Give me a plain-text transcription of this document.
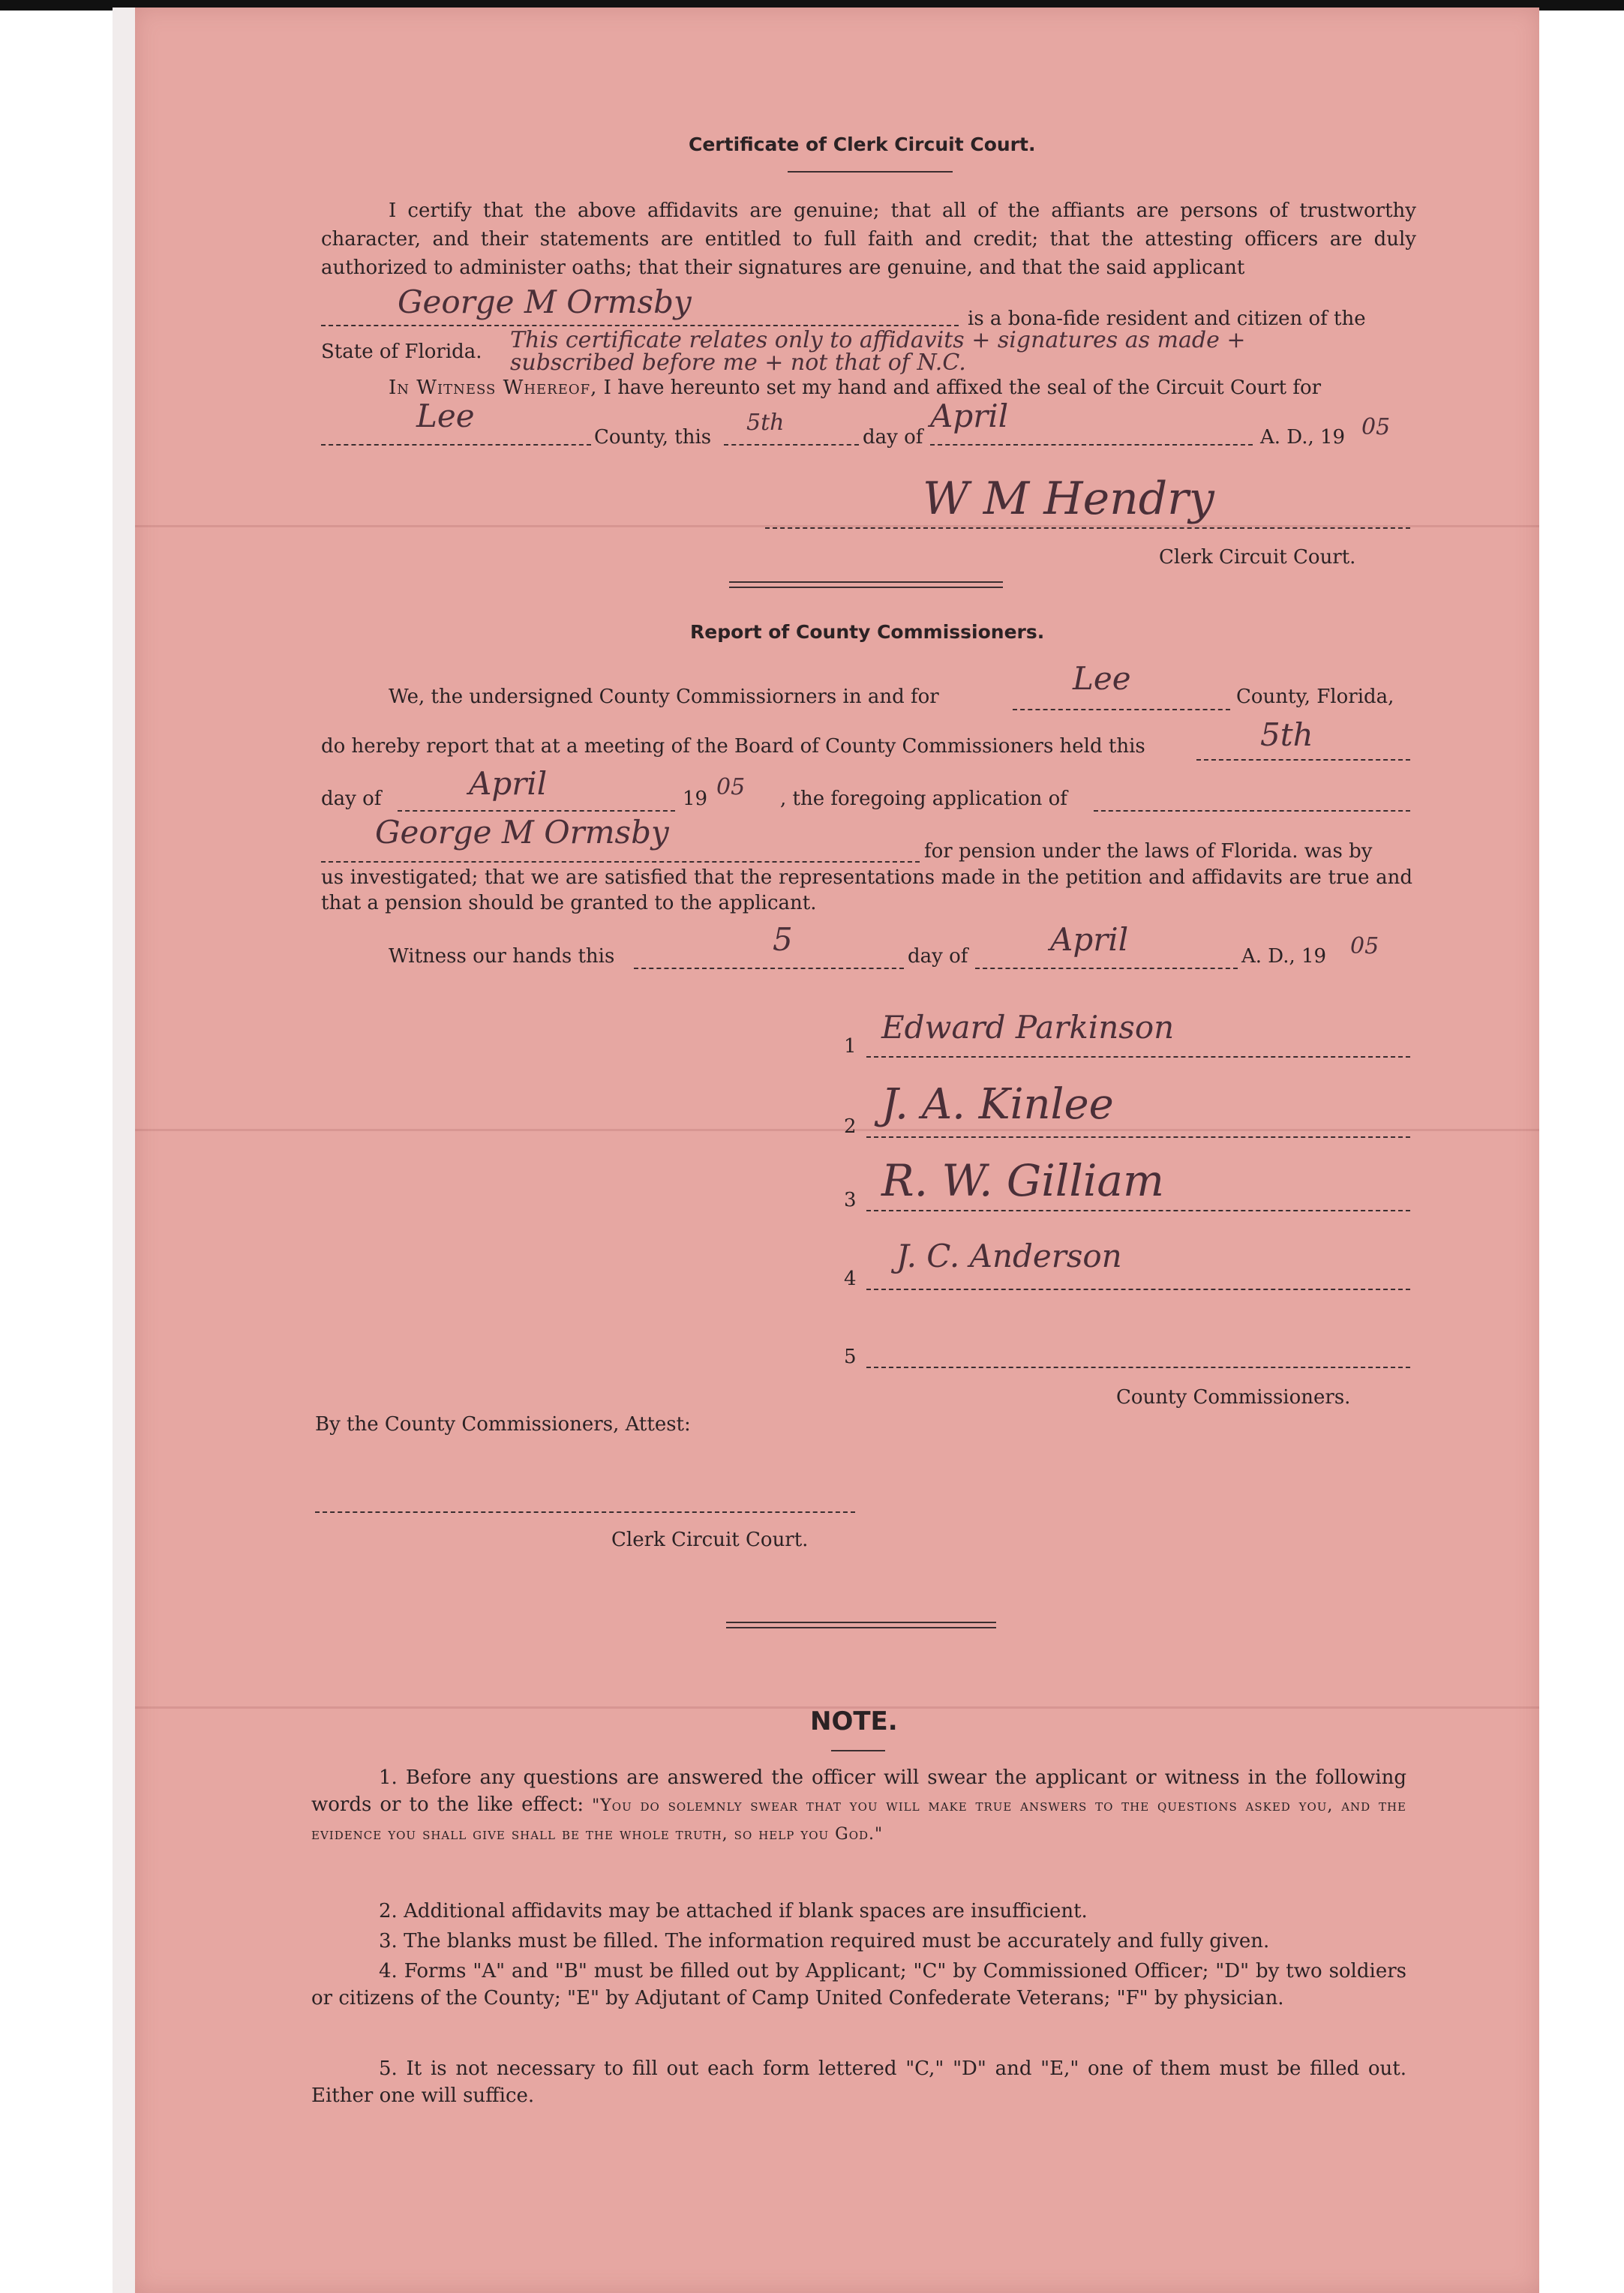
Certificate of Clerk Circuit Court.
I certify that the above affidavits are genuine; that all of the affiants are persons of trustworthy character, and their statements are entitled to full faith and credit; that the attesting officers are duly authorized to administer oaths; that their signatures are genuine, and that the said applicant
George M Ormsby	is a bona-fide resident and citizen of the
State of Florida. This certificate relates only to affidavits + signatures as made +
subscribed before me + not that of N.C.
In Witness Whereof, I have hereunto set my hand and affixed the seal of the Circuit Court for
Lee
County, this
5th
day of
April
A. D., 19 05
W M Hendry
Clerk Circuit Court.
Report of County Commissioners.
We, the undersigned County Commissiorners in and for	Lee	County, Florida,
do hereby report that at a meeting of the Board of County Commissioners held this	5th
day of	April	19 05 , the foregoing application of
George M Ormsby
for pension under the laws of Florida. was by
us investigated; that we are satisfied that the representations made in the petition and affidavits are true and that a pension should be granted to the applicant.
Witness our hands this	5	day of	April	A. D., 19 05
1
Edward Parkinson
2 J. A. Kinlee
3 R. W. Gilliam
4
J. C. Anderson
5
County Commissioners.
By the County Commissioners, Attest:
Clerk Circuit Court.
NOTE.
1. Before any questions are answered the officer will swear the applicant or witness in the following words or to the like effect: "You do solemnly swear that you will make true answers to the questions asked you, and the evidence you shall give shall be the whole truth, so help you God."
2. Additional affidavits may be attached if blank spaces are insufficient.
3. The blanks must be filled. The information required must be accurately and fully given.
4. Forms "A" and "B" must be filled out by Applicant; "C" by Commissioned Officer; "D" by two soldiers or citizens of the County; "E" by Adjutant of Camp United Confederate Veterans; "F" by physician.
5. It is not necessary to fill out each form lettered "C," "D" and "E," one of them must be filled out. Either one will suffice.
